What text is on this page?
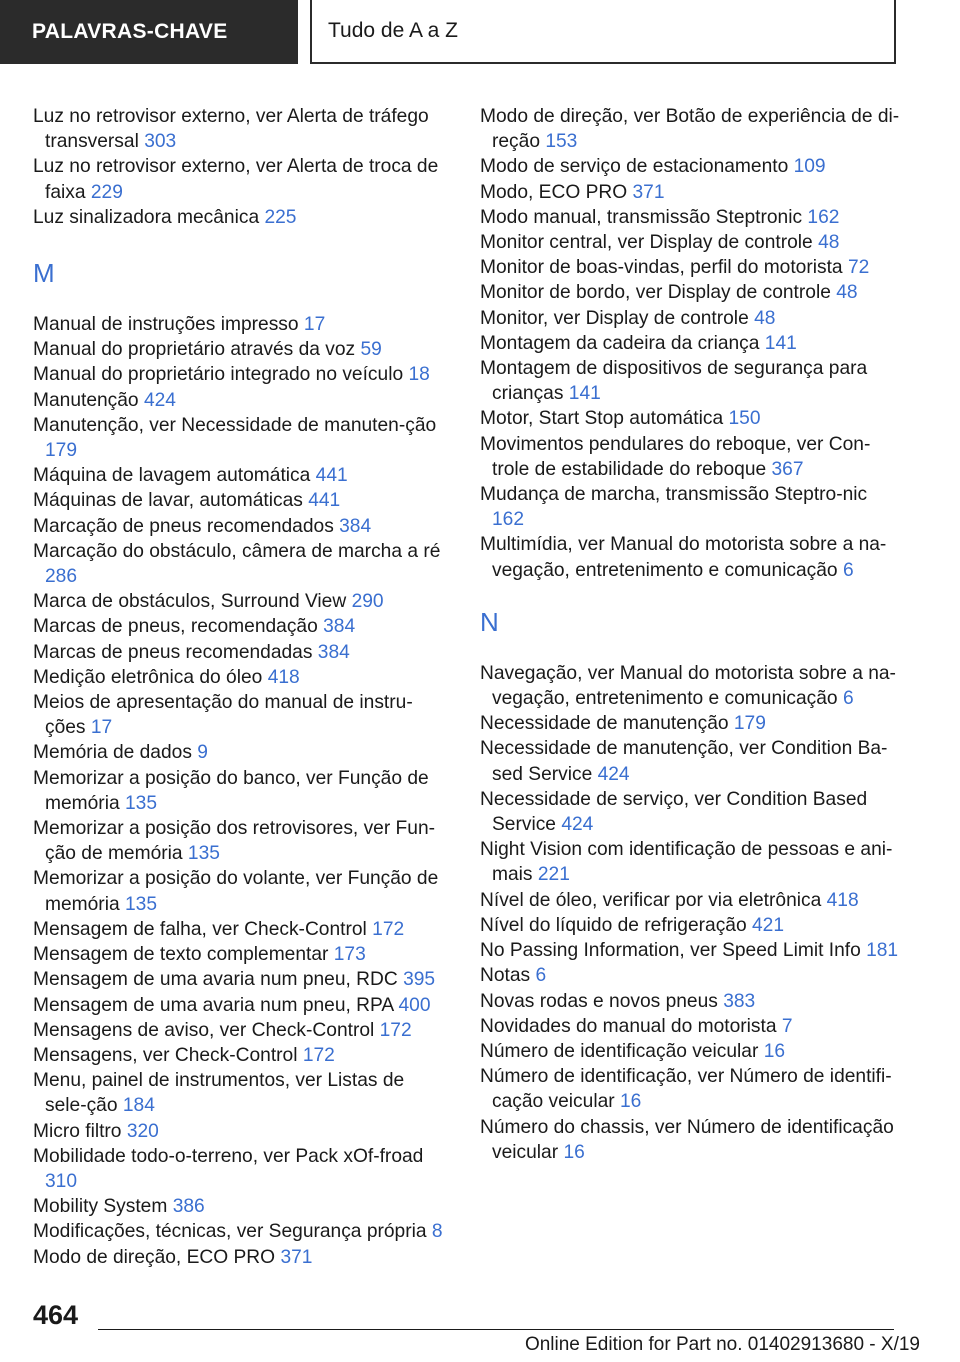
PALAVRAS-CHAVE	Tudo de A a Z

Luz no retrovisor externo, ver Alerta de tráfego transversal 303

Luz no retrovisor externo, ver Alerta de troca de faixa 229

Luz sinalizadora mecânica 225

M

Manual de instruções impresso 17

Manual do proprietário através da voz 59

Manual do proprietário integrado no veículo 18

Manutenção 424

Manutenção, ver Necessidade de manuten‐ção 179

Máquina de lavagem automática 441

Máquinas de lavar, automáticas 441

Marcação de pneus recomendados 384

Marcação do obstáculo, câmera de marcha a ré 286

Marca de obstáculos, Surround View 290

Marcas de pneus, recomendação 384

Marcas de pneus recomendadas 384

Medição eletrônica do óleo 418

Meios de apresentação do manual de instru‐ções 17

Memória de dados 9

Memorizar a posição do banco, ver Função de memória 135

Memorizar a posição dos retrovisores, ver Fun‐ção de memória 135

Memorizar a posição do volante, ver Função de memória 135

Mensagem de falha, ver Check-Control 172

Mensagem de texto complementar 173

Mensagem de uma avaria num pneu, RDC 395

Mensagem de uma avaria num pneu, RPA 400

Mensagens de aviso, ver Check-Control 172

Mensagens, ver Check-Control 172

Menu, painel de instrumentos, ver Listas de sele‐ção 184

Micro filtro 320

Mobilidade todo-o-terreno, ver Pack xOf‐froad 310

Mobility System 386

Modificações, técnicas, ver Segurança própria 8

Modo de direção, ECO PRO 371

Modo de direção, ver Botão de experiência de di‐reção 153

Modo de serviço de estacionamento 109

Modo, ECO PRO 371

Modo manual, transmissão Steptronic 162

Monitor central, ver Display de controle 48

Monitor de boas-vindas, perfil do motorista 72

Monitor de bordo, ver Display de controle 48

Monitor, ver Display de controle 48

Montagem da cadeira da criança 141

Montagem de dispositivos de segurança para crianças 141

Motor, Start Stop automática 150

Movimentos pendulares do reboque, ver Con‐trole de estabilidade do reboque 367

Mudança de marcha, transmissão Steptro‐nic 162

Multimídia, ver Manual do motorista sobre a na‐vegação, entretenimento e comunicação 6

N

Navegação, ver Manual do motorista sobre a na‐vegação, entretenimento e comunicação 6

Necessidade de manutenção 179

Necessidade de manutenção, ver Condition Ba‐sed Service 424

Necessidade de serviço, ver Condition Based Service 424

Night Vision com identificação de pessoas e ani‐mais 221

Nível de óleo, verificar por via eletrônica 418

Nível do líquido de refrigeração 421

No Passing Information, ver Speed Limit Info 181

Notas 6

Novas rodas e novos pneus 383

Novidades do manual do motorista 7

Número de identificação veicular 16

Número de identificação, ver Número de identifi‐cação veicular 16

Número do chassis, ver Número de identificação veicular 16

464
Online Edition for Part no. 01402913680 - X/19
